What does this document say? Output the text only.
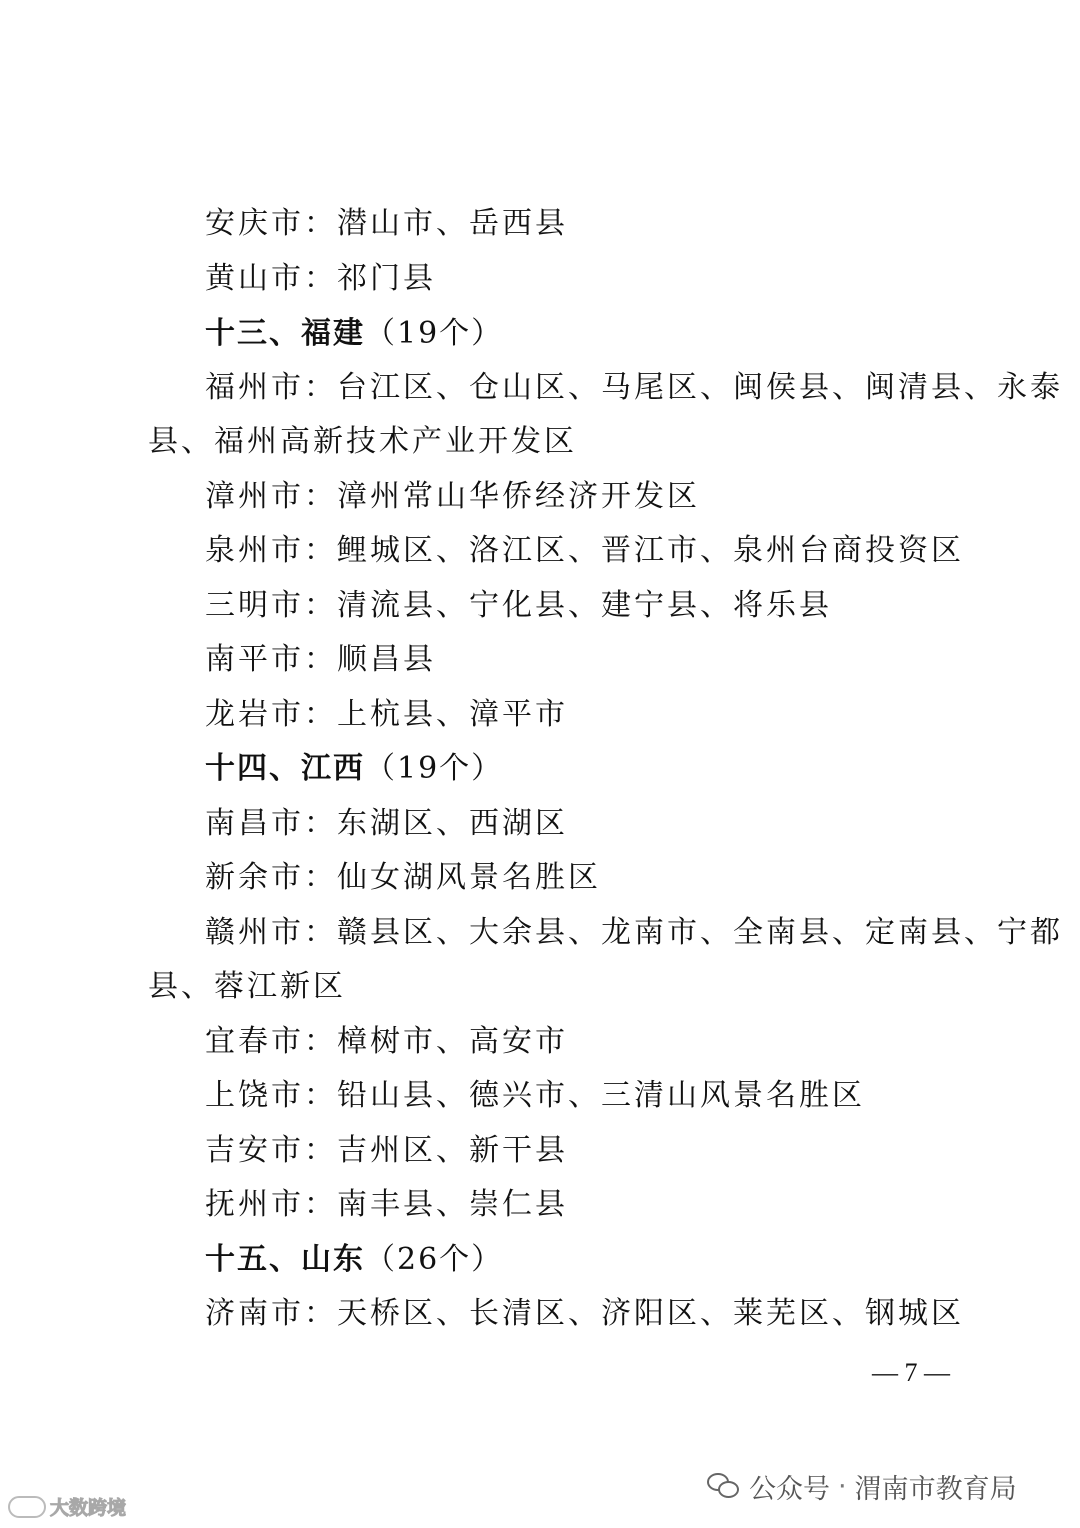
安庆市：潜山市、岳西县
黄山市：祁门县
十三、福建（19个）
福州市：台江区、仓山区、马尾区、闽侯县、闽清县、永泰
县、福州高新技术产业开发区
漳州市：漳州常山华侨经济开发区
泉州市：鲤城区、洛江区、晋江市、泉州台商投资区
三明市：清流县、宁化县、建宁县、将乐县
南平市：顺昌县
龙岩市：上杭县、漳平市
十四、江西（19个）
南昌市：东湖区、西湖区
新余市：仙女湖风景名胜区
赣州市：赣县区、大余县、龙南市、全南县、定南县、宁都
县、蓉江新区
宜春市：樟树市、高安市
上饶市：铅山县、德兴市、三清山风景名胜区
吉安市：吉州区、新干县
抚州市：南丰县、崇仁县
十五、山东（26个）
济南市：天桥区、长清区、济阳区、莱芜区、钢城区
— 7 —
大数跨境
公众号 · 渭南市教育局
